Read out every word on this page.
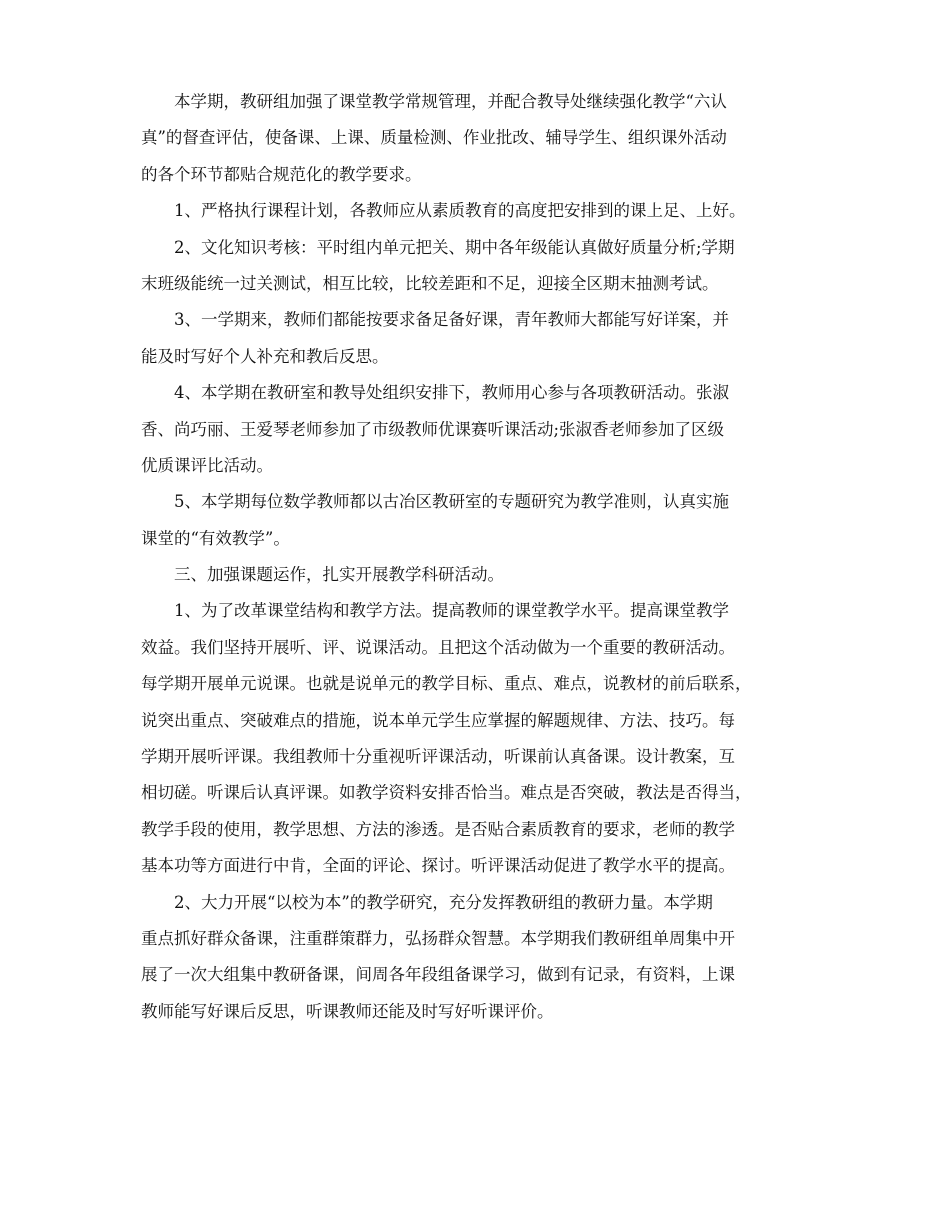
本学期，教研组加强了课堂教学常规管理，并配合教导处继续强化教学“六认
真”的督查评估，使备课、上课、质量检测、作业批改、辅导学生、组织课外活动
的各个环节都贴合规范化的教学要求。
1、严格执行课程计划，各教师应从素质教育的高度把安排到的课上足、上好。
2、文化知识考核：平时组内单元把关、期中各年级能认真做好质量分析;学期
末班级能统一过关测试，相互比较，比较差距和不足，迎接全区期末抽测考试。
3、一学期来，教师们都能按要求备足备好课，青年教师大都能写好详案，并
能及时写好个人补充和教后反思。
4、本学期在教研室和教导处组织安排下，教师用心参与各项教研活动。张淑
香、尚巧丽、王爱琴老师参加了市级教师优课赛听课活动;张淑香老师参加了区级
优质课评比活动。
5、本学期每位数学教师都以古冶区教研室的专题研究为教学准则，认真实施
课堂的“有效教学”。
三、加强课题运作，扎实开展教学科研活动。
1、为了改革课堂结构和教学方法。提高教师的课堂教学水平。提高课堂教学
效益。我们坚持开展听、评、说课活动。且把这个活动做为一个重要的教研活动。
每学期开展单元说课。也就是说单元的教学目标、重点、难点，说教材的前后联系，
说突出重点、突破难点的措施，说本单元学生应掌握的解题规律、方法、技巧。每
学期开展听评课。我组教师十分重视听评课活动，听课前认真备课。设计教案，互
相切磋。听课后认真评课。如教学资料安排否恰当。难点是否突破，教法是否得当，
教学手段的使用，教学思想、方法的渗透。是否贴合素质教育的要求，老师的教学
基本功等方面进行中肯，全面的评论、探讨。听评课活动促进了教学水平的提高。
2、大力开展“以校为本”的教学研究，充分发挥教研组的教研力量。本学期
重点抓好群众备课，注重群策群力，弘扬群众智慧。本学期我们教研组单周集中开
展了一次大组集中教研备课，间周各年段组备课学习，做到有记录，有资料，上课
教师能写好课后反思，听课教师还能及时写好听课评价。
